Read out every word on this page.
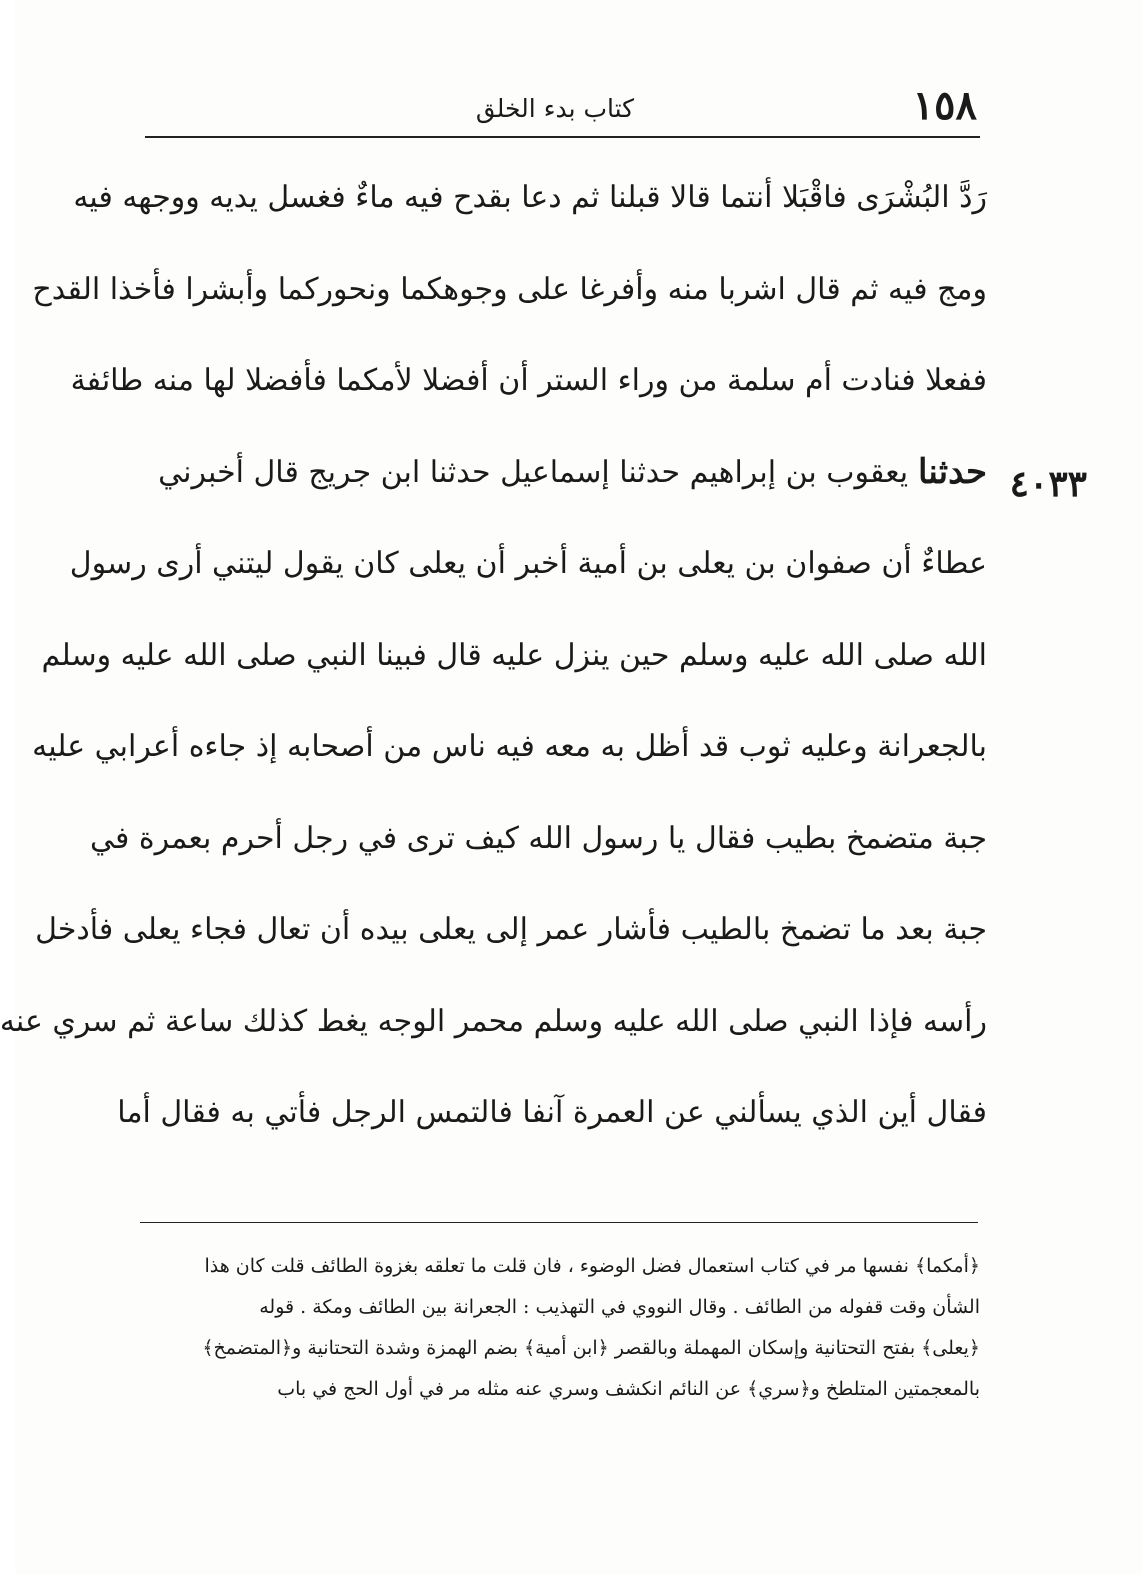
١٥٨
كتاب بدء الخلق
٤٠٣٣
رَدَّ البُشْرَى فاقْبَلا أنتما قالا قبلنا ثم دعا بقدح فيه ماءٌ فغسل يديه ووجهه فيه
ومج فيه ثم قال اشربا منه وأفرغا على وجوهكما ونحوركما وأبشرا فأخذا القدح
ففعلا فنادت أم سلمة من وراء الستر أن أفضلا لأمكما فأفضلا لها منه طائفة
حدثنا
يعقوب بن إبراهيم حدثنا إسماعيل حدثنا ابن جريج قال أخبرني
عطاءٌ أن صفوان بن يعلى بن أمية أخبر أن يعلى كان يقول ليتني أرى رسول
الله صلى الله عليه وسلم حين ينزل عليه قال فبينا النبي صلى الله عليه وسلم
بالجعرانة وعليه ثوب قد أظل به معه فيه ناس من أصحابه إذ جاءه أعرابي عليه
جبة متضمخ بطيب فقال يا رسول الله كيف ترى في رجل أحرم بعمرة في
جبة بعد ما تضمخ بالطيب فأشار عمر إلى يعلى بيده أن تعال فجاء يعلى فأدخل
رأسه فإذا النبي صلى الله عليه وسلم محمر الوجه يغط كذلك ساعة ثم سري عنه
فقال أين الذي يسألني عن العمرة آنفا فالتمس الرجل فأتي به فقال أما
﴿أمكما﴾ نفسها مر في كتاب استعمال فضل الوضوء ، فان قلت ما تعلقه بغزوة الطائف قلت كان هذا
الشأن وقت قفوله من الطائف . وقال النووي في التهذيب : الجعرانة بين الطائف ومكة . قوله
﴿يعلى﴾ بفتح التحتانية وإسكان المهملة وبالقصر ﴿ابن أمية﴾ بضم الهمزة وشدة التحتانية و﴿المتضمخ﴾
بالمعجمتين المتلطخ و﴿سري﴾ عن النائم انكشف وسري عنه مثله مر في أول الحج في باب
